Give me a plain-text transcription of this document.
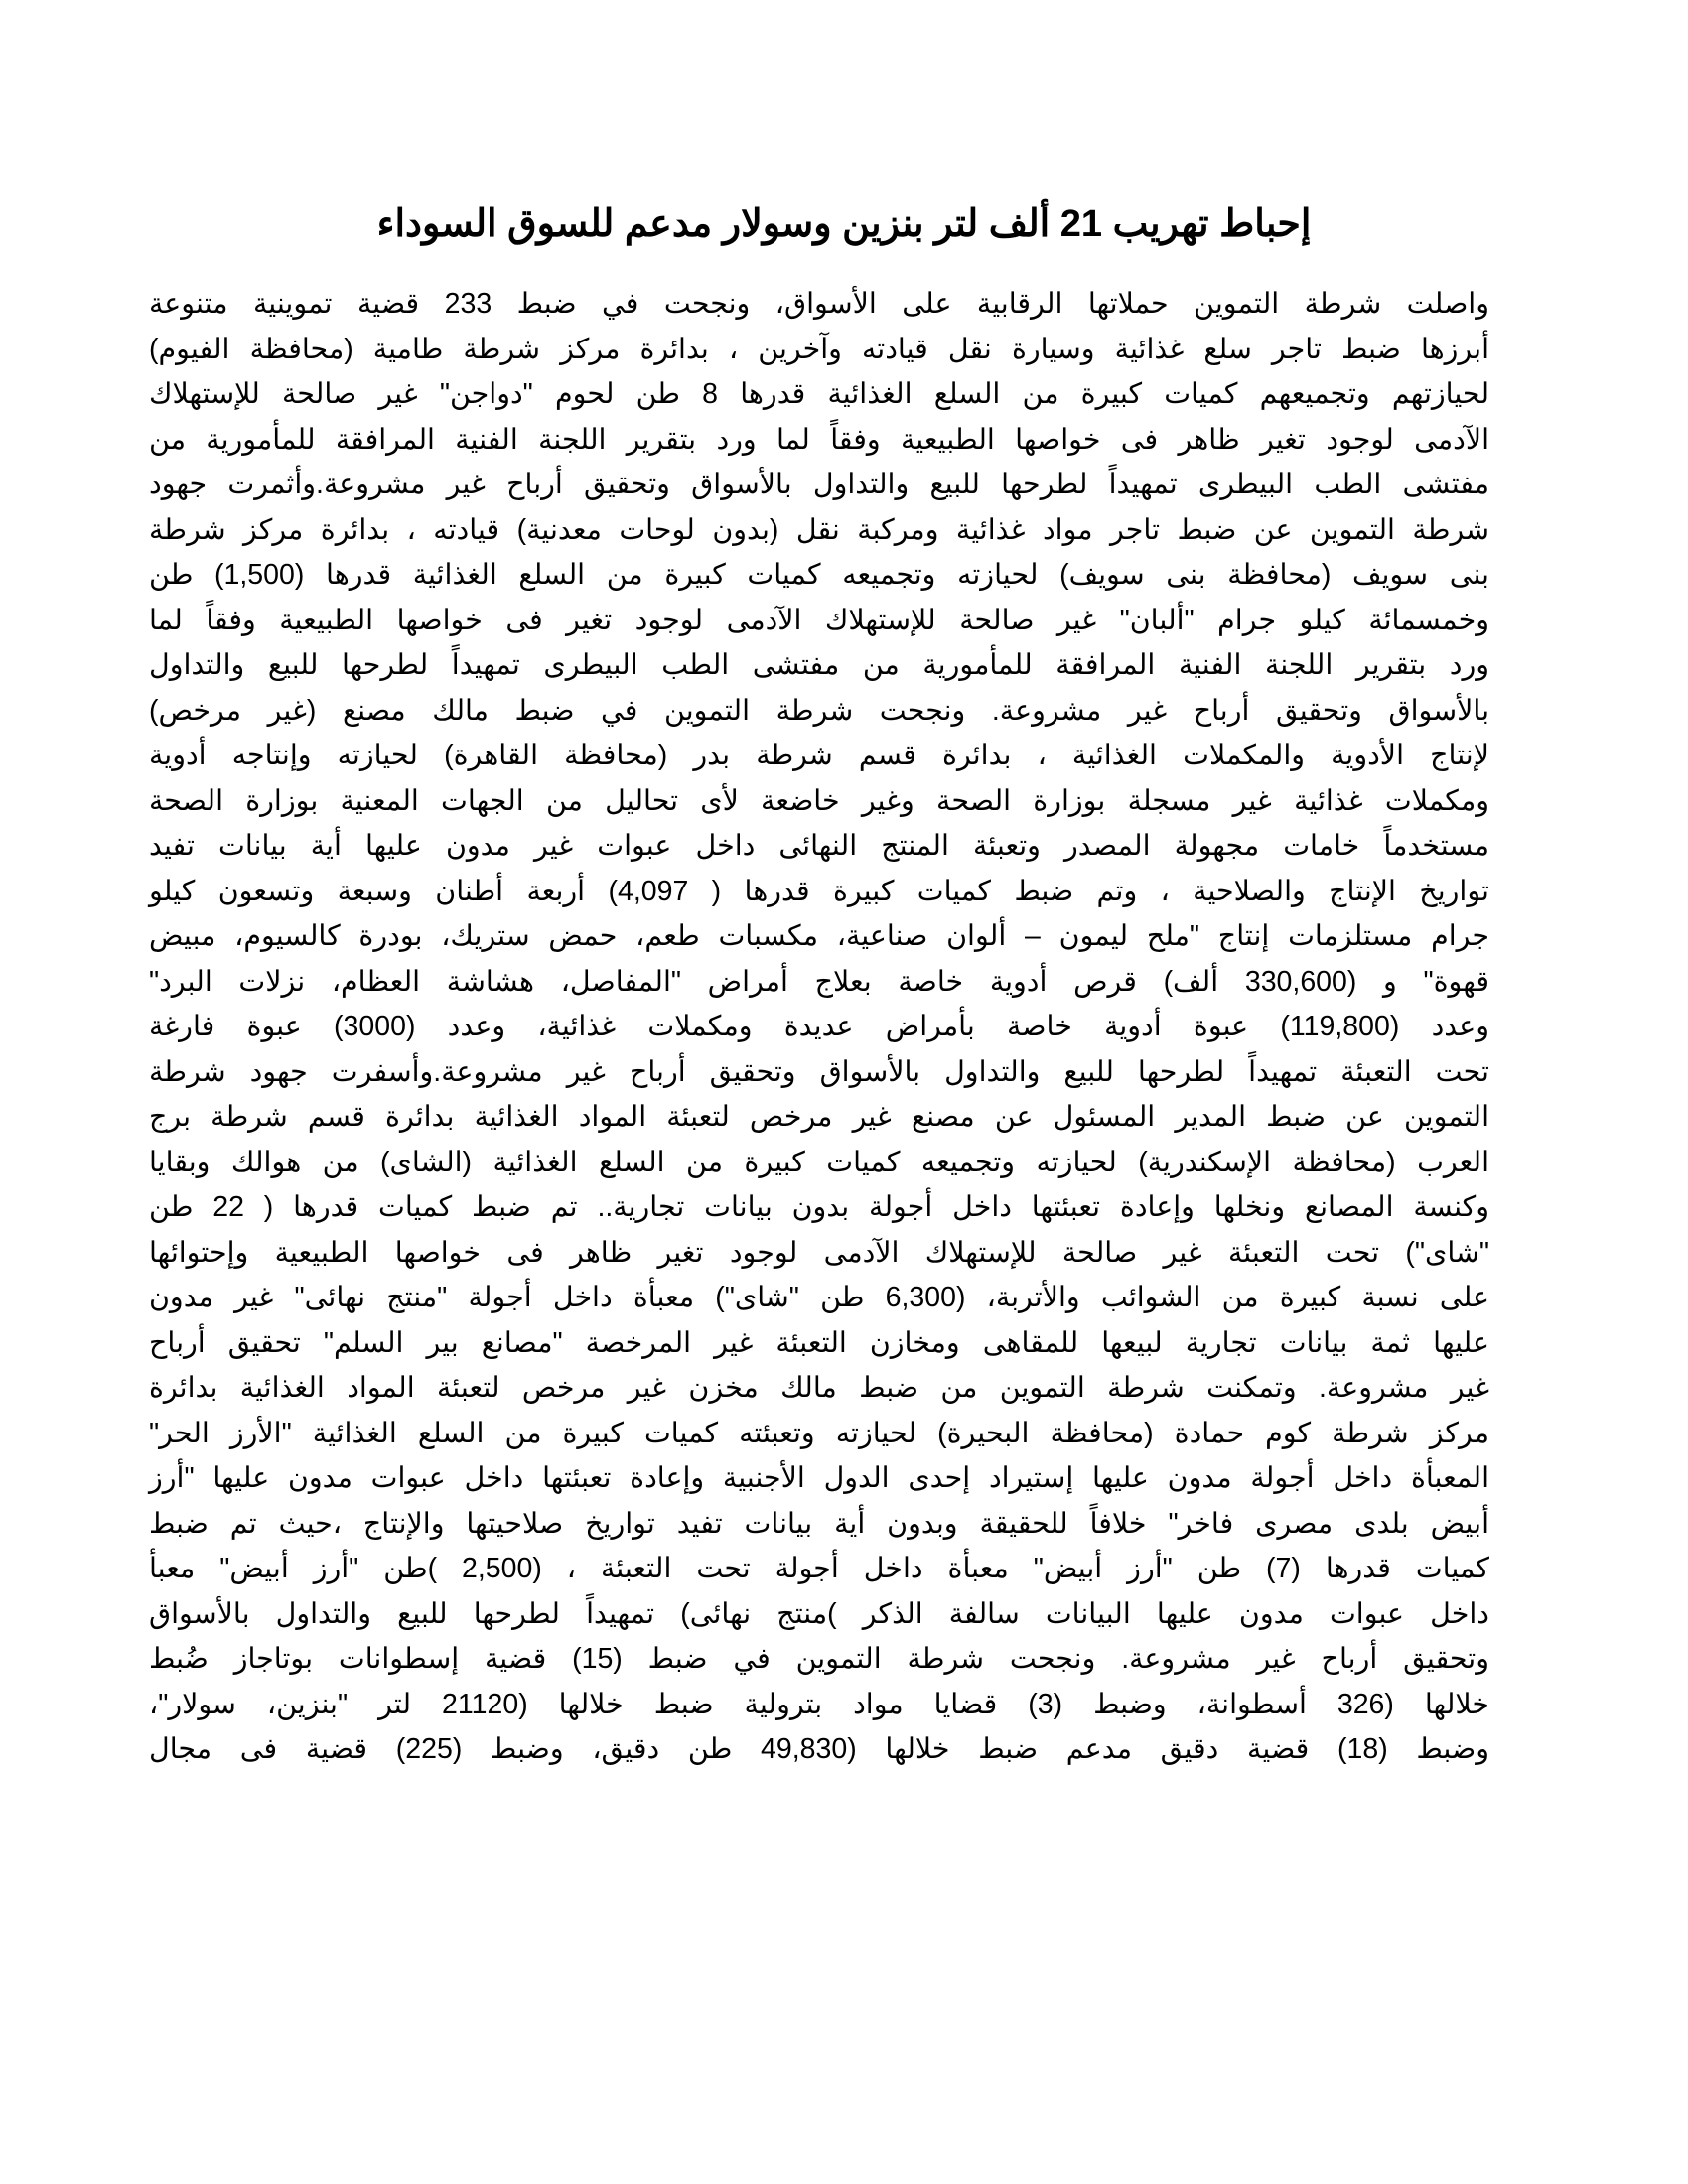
إحباط تهريب 21 ألف لتر بنزين وسولار مدعم للسوق السوداء
واصلت شرطة التموين حملاتها الرقابية على الأسواق، ونجحت في ضبط 233 قضية تموينية متنوعة
أبرزها ضبط تاجر سلع غذائية وسيارة نقل قيادته وآخرين ، بدائرة مركز شرطة طامية (محافظة الفيوم)
لحيازتهم وتجميعهم كميات كبيرة من السلع الغذائية قدرها 8 طن لحوم "دواجن" غير صالحة للإستهلاك
الآدمى لوجود تغير ظاهر فى خواصها الطبيعية وفقاً لما ورد بتقرير اللجنة الفنية المرافقة للمأمورية من
مفتشى الطب البيطرى تمهيداً لطرحها للبيع والتداول بالأسواق وتحقيق أرباح غير مشروعة.وأثمرت جهود
شرطة التموين عن ضبط تاجر مواد غذائية ومركبة نقل (بدون لوحات معدنية) قيادته ، بدائرة مركز شرطة
بنى سويف (محافظة بنى سويف) لحيازته وتجميعه كميات كبيرة من السلع الغذائية قدرها (1,500) طن
وخمسمائة كيلو جرام "ألبان" غير صالحة للإستهلاك الآدمى لوجود تغير فى خواصها الطبيعية وفقاً لما
ورد بتقرير اللجنة الفنية المرافقة للمأمورية من مفتشى الطب البيطرى تمهيداً لطرحها للبيع والتداول
بالأسواق وتحقيق أرباح غير مشروعة. ونجحت شرطة التموين في ضبط مالك مصنع (غير مرخص)
لإنتاج الأدوية والمكملات الغذائية ، بدائرة قسم شرطة بدر (محافظة القاهرة) لحيازته وإنتاجه أدوية
ومكملات غذائية غير مسجلة بوزارة الصحة وغير خاضعة لأى تحاليل من الجهات المعنية بوزارة الصحة
مستخدماً خامات مجهولة المصدر وتعبئة المنتج النهائى داخل عبوات غير مدون عليها أية بيانات تفيد
تواريخ الإنتاج والصلاحية ، وتم ضبط كميات كبيرة قدرها ( 4,097) أربعة أطنان وسبعة وتسعون كيلو
جرام مستلزمات إنتاج "ملح ليمون – ألوان صناعية، مكسبات طعم، حمض ستريك، بودرة كالسيوم، مبيض
قهوة" و (330,600 ألف) قرص أدوية خاصة بعلاج أمراض "المفاصل، هشاشة العظام، نزلات البرد"
وعدد (119,800) عبوة أدوية خاصة بأمراض عديدة ومكملات غذائية، وعدد (3000) عبوة فارغة
تحت التعبئة تمهيداً لطرحها للبيع والتداول بالأسواق وتحقيق أرباح غير مشروعة.وأسفرت جهود شرطة
التموين عن ضبط المدير المسئول عن مصنع غير مرخص لتعبئة المواد الغذائية بدائرة قسم شرطة برج
العرب (محافظة الإسكندرية) لحيازته وتجميعه كميات كبيرة من السلع الغذائية (الشاى) من هوالك وبقايا
وكنسة المصانع ونخلها وإعادة تعبئتها داخل أجولة بدون بيانات تجارية.. تم ضبط كميات قدرها ( 22 طن
"شاى") تحت التعبئة غير صالحة للإستهلاك الآدمى لوجود تغير ظاهر فى خواصها الطبيعية وإحتوائها
على نسبة كبيرة من الشوائب والأتربة، (6,300 طن "شاى") معبأة داخل أجولة "منتج نهائى" غير مدون
عليها ثمة بيانات تجارية لبيعها للمقاهى ومخازن التعبئة غير المرخصة "مصانع بير السلم" تحقيق أرباح
غير مشروعة. وتمكنت شرطة التموين من ضبط مالك مخزن غير مرخص لتعبئة المواد الغذائية بدائرة
مركز شرطة كوم حمادة (محافظة البحيرة) لحيازته وتعبئته كميات كبيرة من السلع الغذائية "الأرز الحر"
المعبأة داخل أجولة مدون عليها إستيراد إحدى الدول الأجنبية وإعادة تعبئتها داخل عبوات مدون عليها "أرز
أبيض بلدى مصرى فاخر" خلافاً للحقيقة وبدون أية بيانات تفيد تواريخ صلاحيتها والإنتاج ،حيث تم ضبط
كميات قدرها (7) طن "أرز أبيض" معبأة داخل أجولة تحت التعبئة ، (2,500 )طن "أرز أبيض" معبأ
داخل عبوات مدون عليها البيانات سالفة الذكر )منتج نهائى) تمهيداً لطرحها للبيع والتداول بالأسواق
وتحقيق أرباح غير مشروعة. ونجحت شرطة التموين في ضبط (15) قضية إسطوانات بوتاجاز ضُبط
خلالها (326 أسطوانة، وضبط (3) قضايا مواد بترولية ضبط خلالها (21120 لتر "بنزين، سولار"،
وضبط (18) قضية دقيق مدعم ضبط خلالها (49,830 طن دقيق، وضبط (225) قضية فى مجال
